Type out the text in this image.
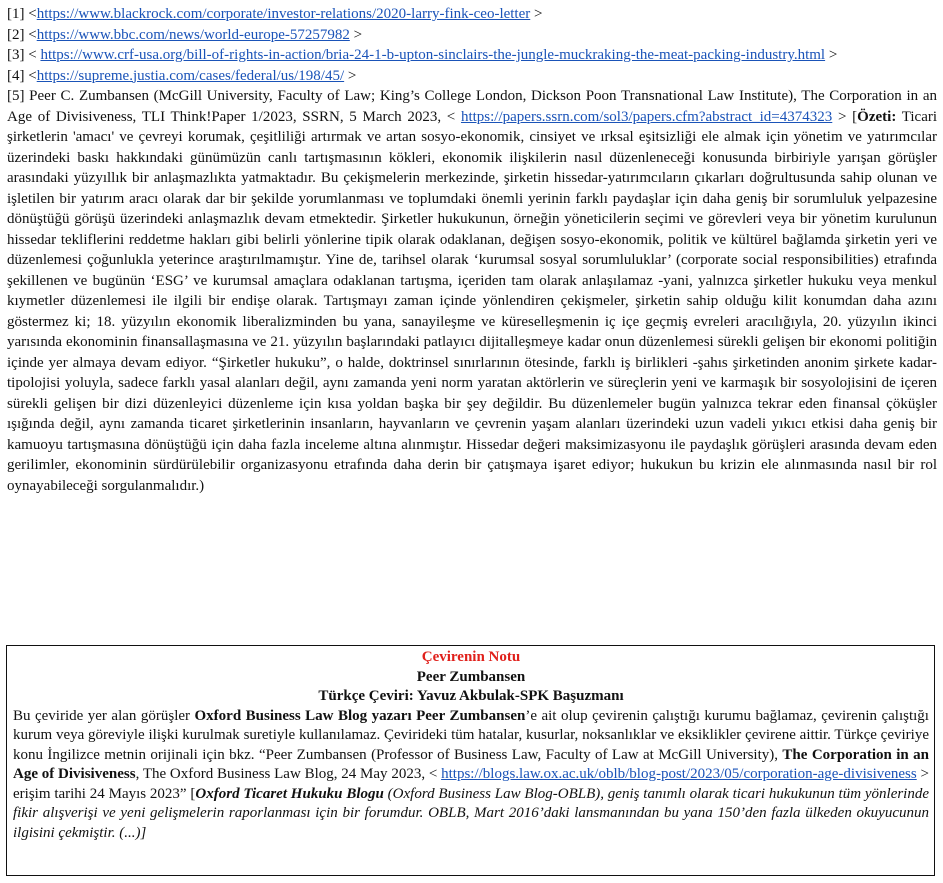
[1] <https://www.blackrock.com/corporate/investor-relations/2020-larry-fink-ceo-letter >

[2] <https://www.bbc.com/news/world-europe-57257982 >

[3] < https://www.crf-usa.org/bill-of-rights-in-action/bria-24-1-b-upton-sinclairs-the-jungle-muckraking-the-meat-packing-industry.html >

[4] <https://supreme.justia.com/cases/federal/us/198/45/ >

[5] Peer C. Zumbansen (McGill University, Faculty of Law; King’s College London, Dickson Poon Transnational Law Institute), The Corporation in an Age of Divisiveness, TLI Think!Paper 1/2023, SSRN, 5 March 2023, < https://papers.ssrn.com/sol3/papers.cfm?abstract_id=4374323 > [Özeti: Ticari şirketlerin 'amacı' ve çevreyi korumak, çeşitliliği artırmak ve artan sosyo-ekonomik, cinsiyet ve ırksal eşitsizliği ele almak için yönetim ve yatırımcılar üzerindeki baskı hakkındaki günümüzün canlı tartışmasının kökleri, ekonomik ilişkilerin nasıl düzenleneceği konusunda birbiriyle yarışan görüşler arasındaki yüzyıllık bir anlaşmazlıkta yatmaktadır. Bu çekişmelerin merkezinde, şirketin hissedar-yatırımcıların çıkarları doğrultusunda sahip olunan ve işletilen bir yatırım aracı olarak dar bir şekilde yorumlanması ve toplumdaki önemli yerinin farklı paydaşlar için daha geniş bir sorumluluk yelpazesine dönüştüğü görüşü üzerindeki anlaşmazlık devam etmektedir. Şirketler hukukunun, örneğin yöneticilerin seçimi ve görevleri veya bir yönetim kurulunun hissedar tekliflerini reddetme hakları gibi belirli yönlerine tipik olarak odaklanan, değişen sosyo-ekonomik, politik ve kültürel bağlamda şirketin yeri ve düzenlemesi çoğunlukla yeterince araştırılmamıştır. Yine de, tarihsel olarak ‘kurumsal sosyal sorumluluklar’ (corporate social responsibilities) etrafında şekillenen ve bugünün ‘ESG’ ve kurumsal amaçlara odaklanan tartışma, içeriden tam olarak anlaşılamaz -yani, yalnızca şirketler hukuku veya menkul kıymetler düzenlemesi ile ilgili bir endişe olarak. Tartışmayı zaman içinde yönlendiren çekişmeler, şirketin sahip olduğu kilit konumdan daha azını göstermez ki; 18. yüzyılın ekonomik liberalizminden bu yana, sanayileşme ve küreselleşmenin iç içe geçmiş evreleri aracılığıyla, 20. yüzyılın ikinci yarısında ekonominin finansallaşmasına ve 21. yüzyılın başlarındaki patlayıcı dijitalleşmeye kadar onun düzenlemesi sürekli gelişen bir ekonomi politiğin içinde yer almaya devam ediyor. “Şirketler hukuku”, o halde, doktrinsel sınırlarının ötesinde, farklı iş birlikleri -şahıs şirketinden anonim şirkete kadar- tipolojisi yoluyla, sadece farklı yasal alanları değil, aynı zamanda yeni norm yaratan aktörlerin ve süreçlerin yeni ve karmaşık bir sosyolojisini de içeren sürekli gelişen bir dizi düzenleyici düzenleme için kısa yoldan başka bir şey değildir. Bu düzenlemeler bugün yalnızca tekrar eden finansal çöküşler ışığında değil, aynı zamanda ticaret şirketlerinin insanların, hayvanların ve çevrenin yaşam alanları üzerindeki uzun vadeli yıkıcı etkisi daha geniş bir kamuoyu tartışmasına dönüştüğü için daha fazla inceleme altına alınmıştır. Hissedar değeri maksimizasyonu ile paydaşlık görüşleri arasında devam eden gerilimler, ekonominin sürdürülebilir organizasyonu etrafında daha derin bir çatışmaya işaret ediyor; hukukun bu krizin ele alınmasında nasıl bir rol oynayabileceği sorgulanmalıdır.)

Çevirenin Notu
Peer Zumbansen
Türkçe Çeviri: Yavuz Akbulak-SPK Başuzmanı
Bu çeviride yer alan görüşler Oxford Business Law Blog yazarı Peer Zumbansen’e ait olup çevirenin çalıştığı kurumu bağlamaz, çevirenin çalıştığı kurum veya göreviyle ilişki kurulmak suretiyle kullanılamaz. Çevirideki tüm hatalar, kusurlar, noksanlıklar ve eksiklikler çevirene aittir. Türkçe çeviriye konu İngilizce metnin orijinali için bkz. “Peer Zumbansen (Professor of Business Law, Faculty of Law at McGill University), The Corporation in an Age of Divisiveness, The Oxford Business Law Blog, 24 May 2023, < https://blogs.law.ox.ac.uk/oblb/blog-post/2023/05/corporation-age-divisiveness > erişim tarihi 24 Mayıs 2023” [Oxford Ticaret Hukuku Blogu (Oxford Business Law Blog-OBLB), geniş tanımlı olarak ticari hukukunun tüm yönlerinde fikir alışverişi ve yeni gelişmelerin raporlanması için bir forumdur. OBLB, Mart 2016’daki lansmanından bu yana 150’den fazla ülkeden okuyucunun ilgisini çekmiştir. (...)]
